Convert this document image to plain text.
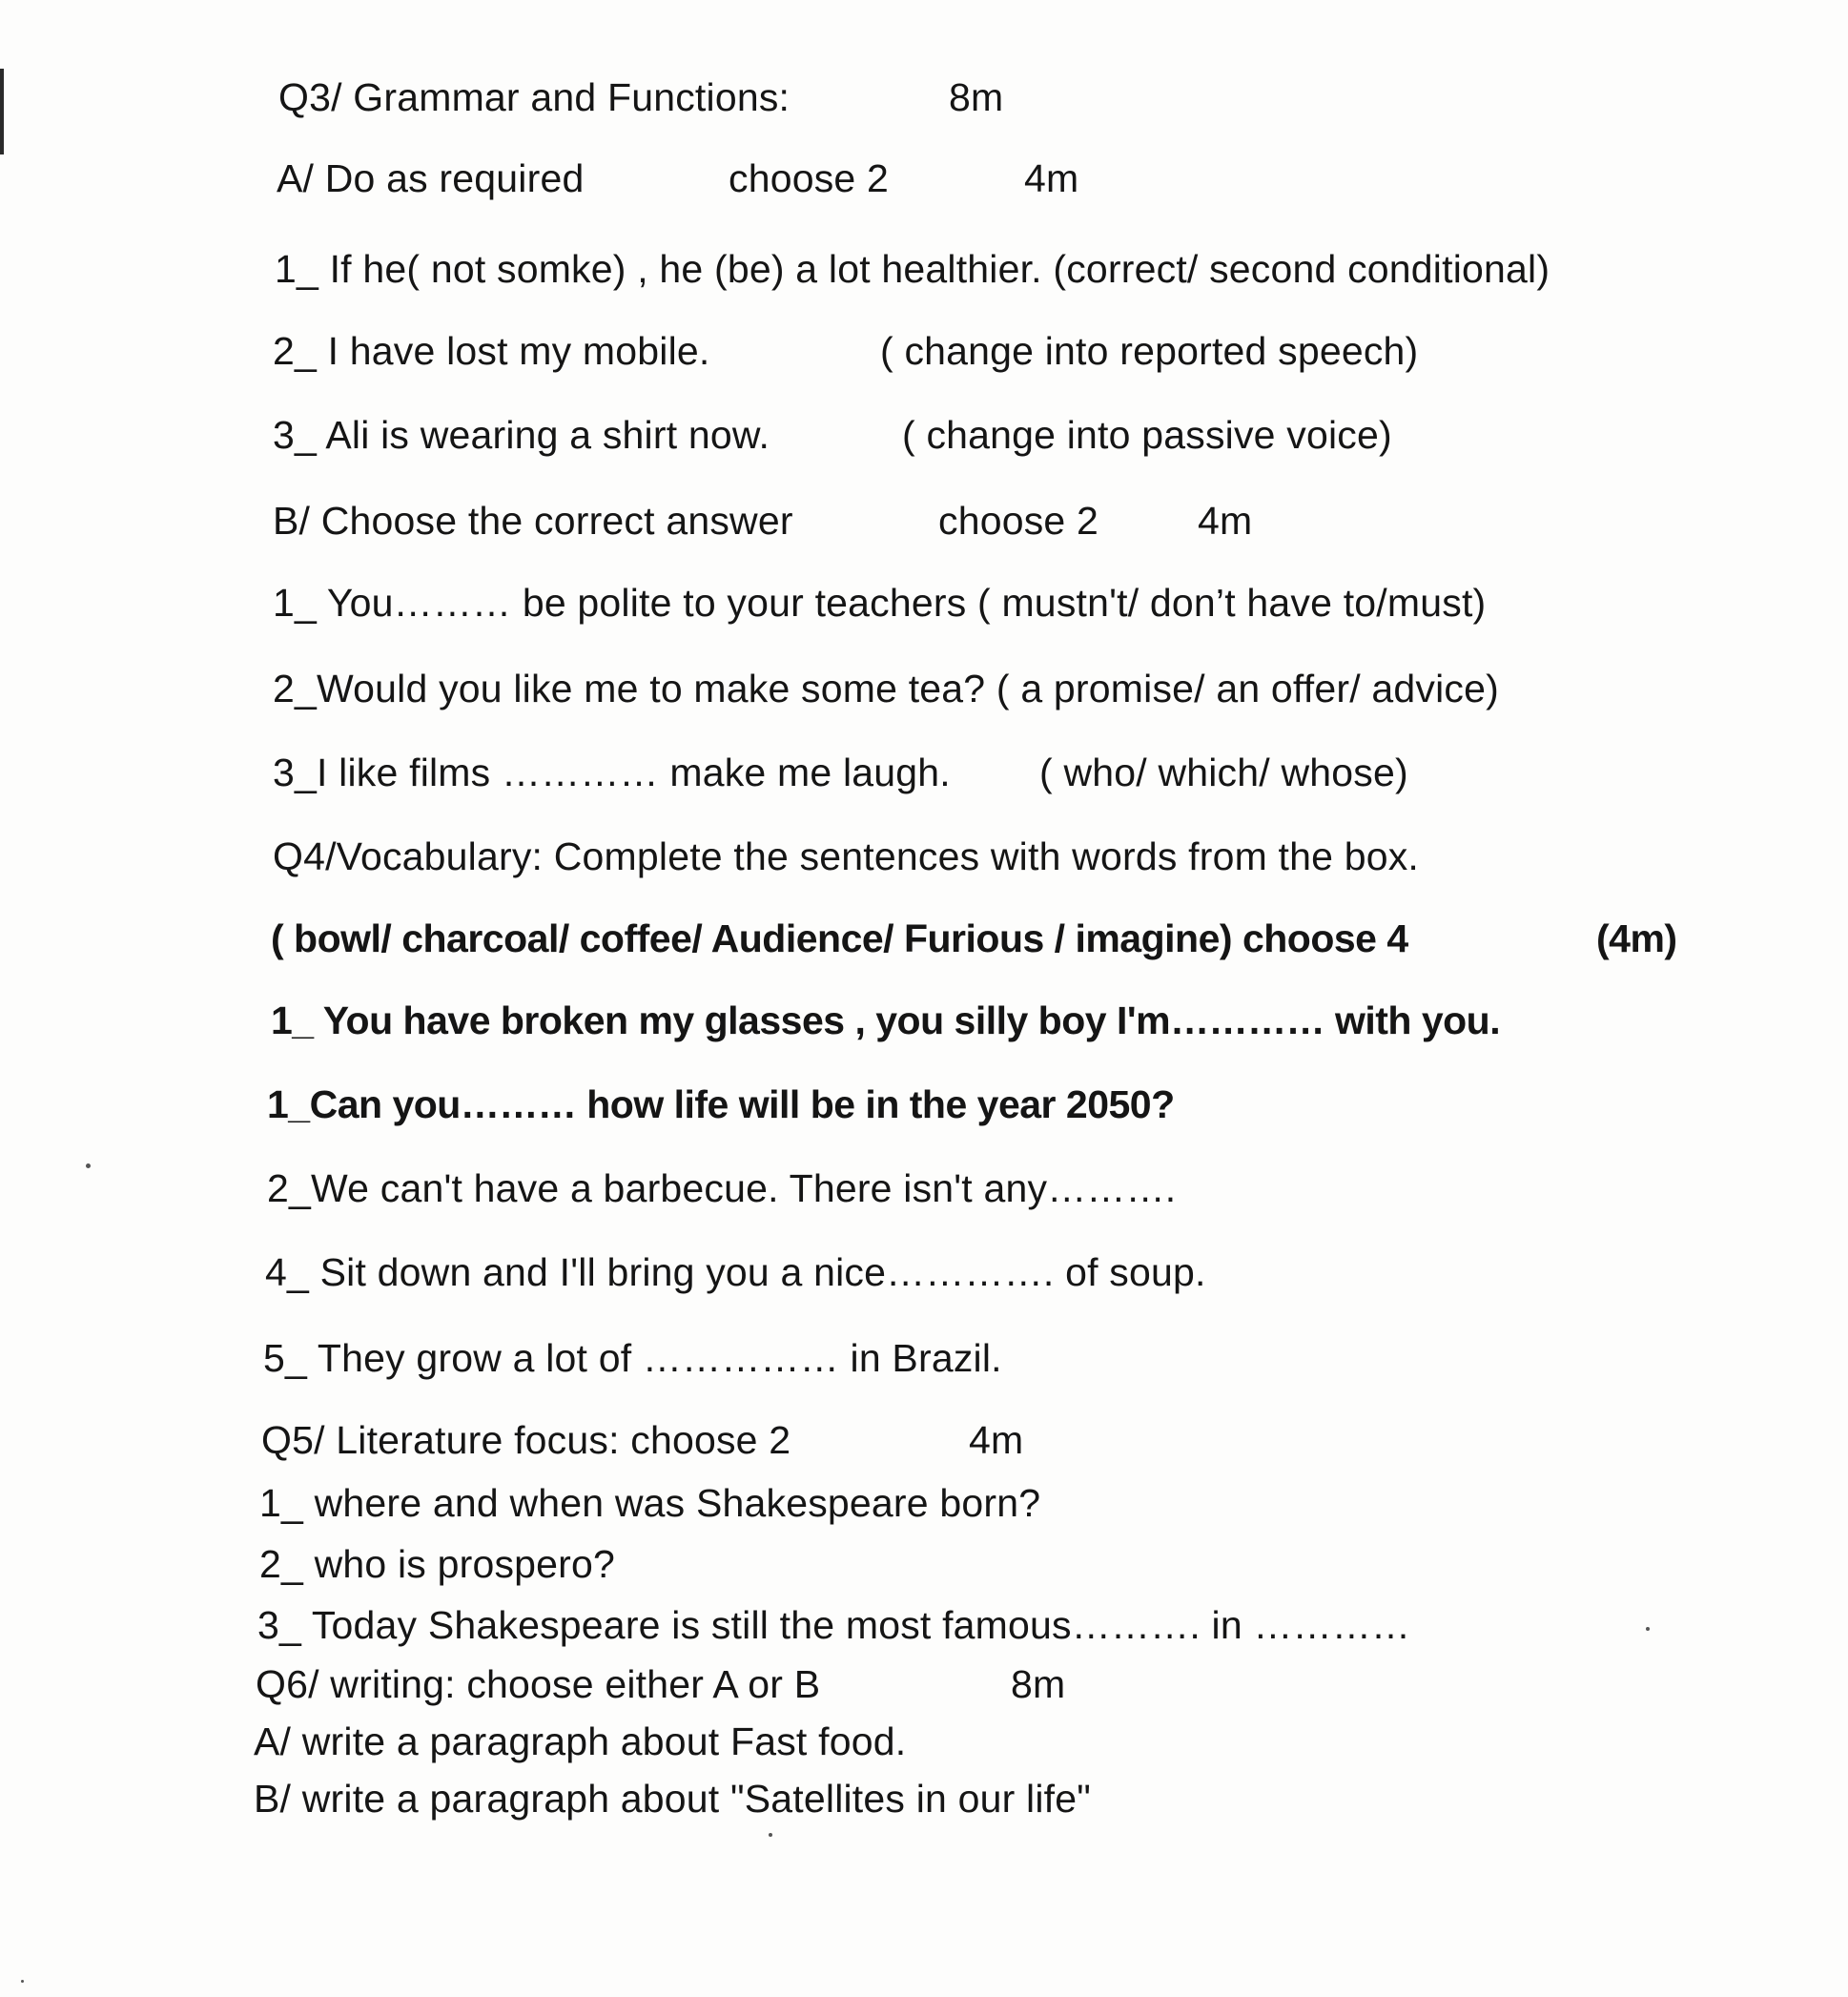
Q3/ Grammar and Functions:	8m
A/ Do as required	choose 2	4m
1_ If he( not somke) , he (be) a lot healthier. (correct/ second conditional)
2_ I have lost my mobile.	( change into reported speech)
3_ Ali is wearing a shirt now.	( change into passive voice)
B/ Choose the correct answer	choose 2	4m
1_ You……… be polite to your teachers ( mustn't/ don’t have to/must)
2_Would you like me to make some tea? ( a promise/ an offer/ advice)
3_I like films ………… make me laugh. ( who/ which/ whose)
Q4/Vocabulary: Complete the sentences with words from the box.
( bowl/ charcoal/ coffee/ Audience/ Furious / imagine) choose 4	(4m)
1_ You have broken my glasses , you silly boy I'm………… with you.
1_Can you……… how life will be in the year 2050?
2_We can't have a barbecue. There isn't any……….
4_ Sit down and I'll bring you a nice…………. of soup.
5_ They grow a lot of …………… in Brazil.
Q5/ Literature focus: choose 2	4m
1_ where and when was Shakespeare born?
2_ who is prospero?
3_ Today Shakespeare is still the most famous………. in …………
Q6/ writing: choose either A or B	8m
A/ write a paragraph about Fast food.
B/ write a paragraph about "Satellites in our life"
